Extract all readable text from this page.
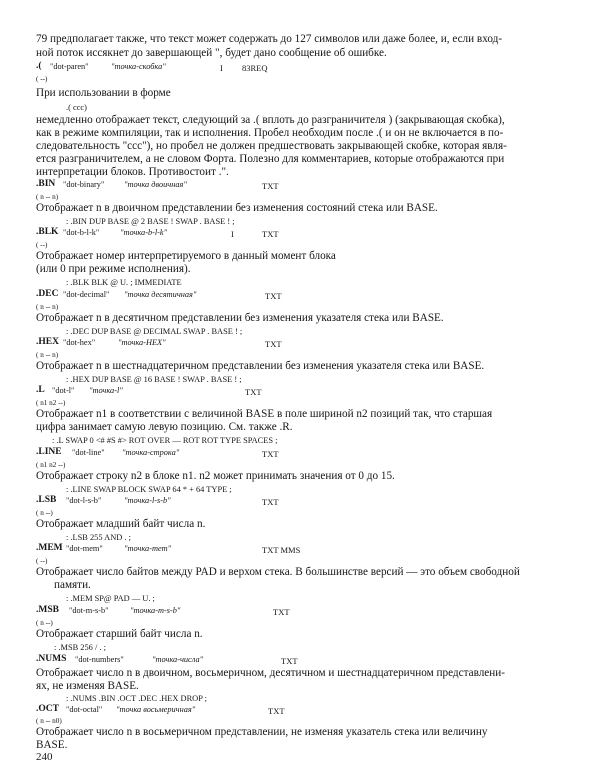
79 предполагает также, что текст может содержать до 127 символов или даже более, и, если вход-
ной поток иссякнет до завершающей ", будет дано сообщение об ошибке.
.( "dot-paren"	"точка-скобка"	I 83REQ
( --)
При использовании в форме
.( ccc)
немедленно отображает текст, следующий за .( вплоть до разграничителя ) (закрывающая скобка),
как в режиме компиляции, так и исполнения. Пробел необходим после .( и он не включается в по-
следовательность "ccc"), но пробел не должен предшествовать закрывающей скобке, которая явля-
ется разграничителем, а не словом Форта. Полезно для комментариев, которые отображаются при
интерпретации блоков. Противостоит .".
.BIN "dot-binary" "точка двоичная"	TXT
( n -- n)
Отображает n в двоичном представлении без изменения состояний стека или BASE.
: .BIN DUP BASE @ 2 BASE ! SWAP . BASE ! ;
.BLK "dot-b-l-k" "точка-b-l-k"	I	TXT
( --)
Отображает номер интерпретируемого в данный момент блока
(или 0 при режиме исполнения).
: .BLK BLK @ U. ; IMMEDIATE
.DEC "dot-decimal" "точка десятичная"	TXT
( n -- n)
Отображает n в десятичном представлении без изменения указателя стека или BASE.
: .DEC DUP BASE @ DECIMAL SWAP . BASE ! ;
.HEX "dot-hex"	"точка-HEX"	TXT
( n -- n)
Отображает n в шестнадцатеричном представлении без изменения указателя стека или BASE.
: .HEX DUP BASE @ 16 BASE ! SWAP . BASE ! ;
.L "dot-l" "точка-l"	TXT
( n1 n2 --)
Отображает n1 в соответствии с величиной BASE в поле шириной n2 позиций так, что старшая
цифра занимает самую левую позицию. См. также .R.
: .L SWAP 0 <# #S #> ROT OVER — ROT ROT TYPE SPACES ;
.LINE "dot-line" "точка-строка"	TXT
( n1 n2 --)
Отображает строку n2 в блоке n1. n2 может принимать значения от 0 до 15.
: .LINE SWAP BLOCK SWAP 64 * + 64 TYPE ;
.LSB "dot-l-s-b"	"точка-l-s-b"	TXT
( n --)
Отображает младший байт числа n.
: .LSB 255 AND . ;
.MEM "dot-mem"	"точка-mem"	TXT MMS
( --)
Отображает число байтов между PAD и верхом стека. В большинстве версий — это объем свободной
памяти.
: .MEM SP@ PAD — U. ;
.MSB "dot-m-s-b"	"точка-m-s-b"	TXT
( n --)
Отображает старший байт числа n.
: .MSB 256 / . ;
.NUMS "dot-numbers"	"точка-числа"	TXT
Отображает число n в двоичном, восьмеричном, десятичном и шестнадцатеричном представлени-
ях, не изменяя BASE.
: .NUMS .BIN .OCT .DEC .HEX DROP ;
.OCT "dot-octal" "точка восьмеричная"	TXT
( n -- n0)
Отображает число n в восьмеричном представлении, не изменяя указатель стека или величину
BASE.
240
